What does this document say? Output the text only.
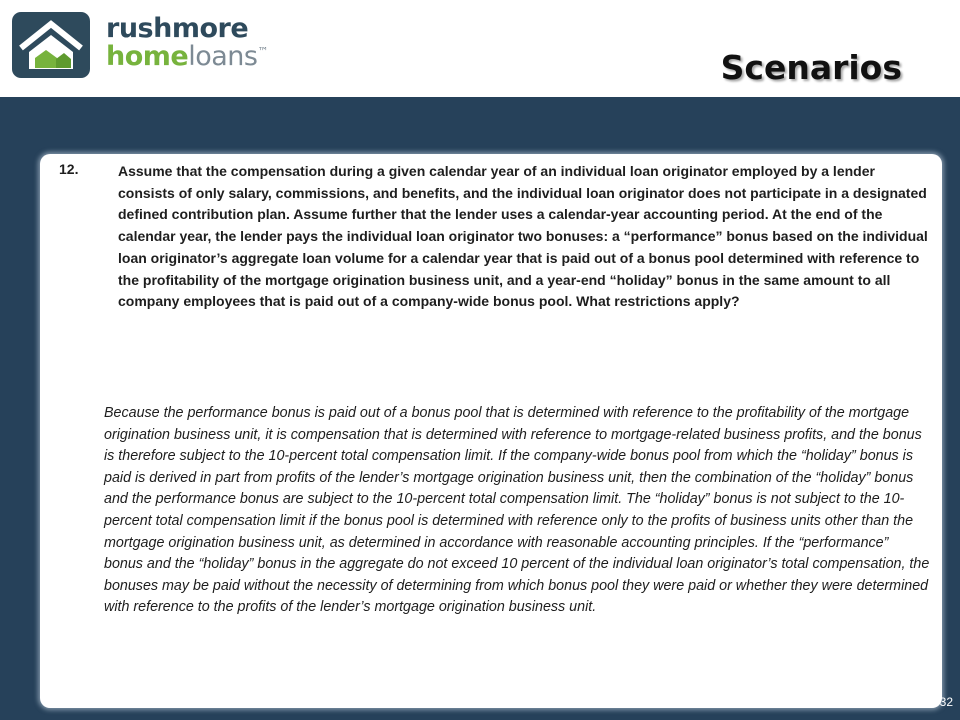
rushmore
homeloans™	Scenarios
12.	Assume that the compensation during a given calendar year of an individual loan originator employed by a lender consists of only salary, commissions, and benefits, and the individual loan originator does not participate in a designated defined contribution plan. Assume further that the lender uses a calendar-year accounting period. At the end of the calendar year, the lender pays the individual loan originator two bonuses: a “performance” bonus based on the individual loan originator’s aggregate loan volume for a calendar year that is paid out of a bonus pool determined with reference to the profitability of the mortgage origination business unit, and a year-end “holiday” bonus in the same amount to all company employees that is paid out of a company-wide bonus pool. What restrictions apply?

Because the performance bonus is paid out of a bonus pool that is determined with reference to the profitability of the mortgage origination business unit, it is compensation that is determined with reference to mortgage-related business profits, and the bonus is therefore subject to the 10-percent total compensation limit. If the company-wide bonus pool from which the “holiday” bonus is paid is derived in part from profits of the lender’s mortgage origination business unit, then the combination of the “holiday” bonus and the performance bonus are subject to the 10-percent total compensation limit. The “holiday” bonus is not subject to the 10-percent total compensation limit if the bonus pool is determined with reference only to the profits of business units other than the mortgage origination business unit, as determined in accordance with reasonable accounting principles. If the “performance” bonus and the “holiday” bonus in the aggregate do not exceed 10 percent of the individual loan originator’s total compensation, the bonuses may be paid without the necessity of determining from which bonus pool they were paid or whether they were determined with reference to the profits of the lender’s mortgage origination business unit.

32
